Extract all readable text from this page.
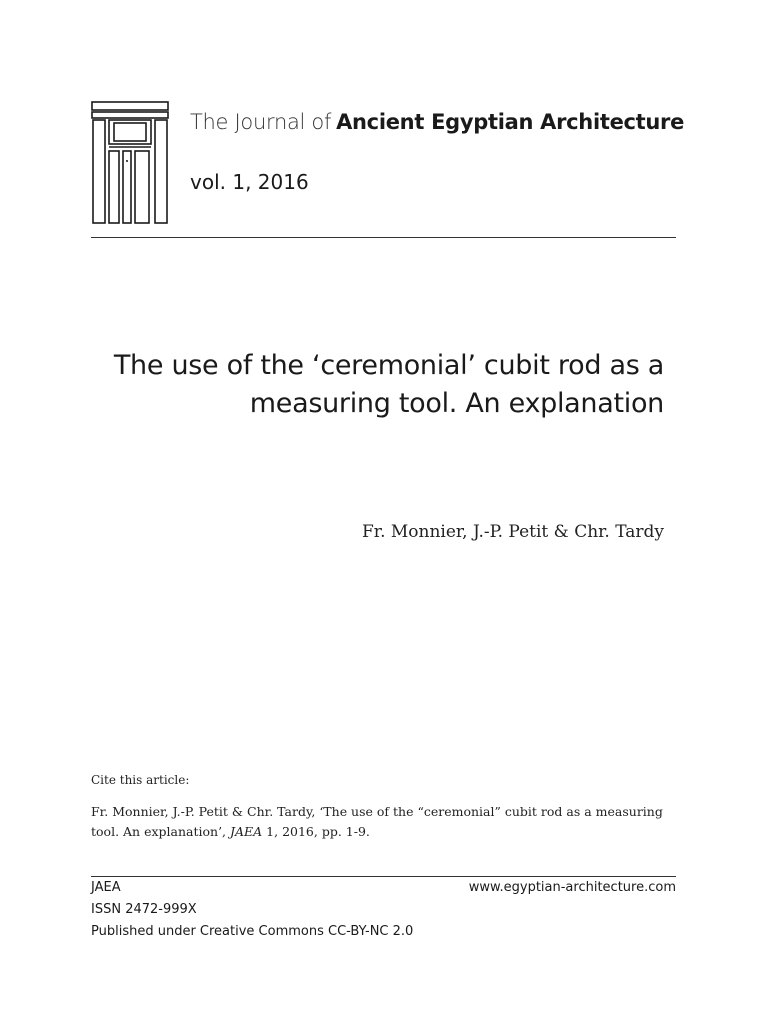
The Journal of Ancient Egyptian Architecture
vol. 1, 2016
The use of the ‘ceremonial’ cubit rod as a
measuring tool. An explanation
Fr. Monnier, J.-P. Petit & Chr. Tardy
Cite this article:
Fr. Monnier, J.-P. Petit & Chr. Tardy, ‘The use of the “ceremonial” cubit rod as a measuring tool. An explanation’, JAEA 1, 2016, pp. 1-9.
JAEA
ISSN 2472-999X
Published under Creative Commons CC-BY-NC 2.0
www.egyptian-architecture.com
